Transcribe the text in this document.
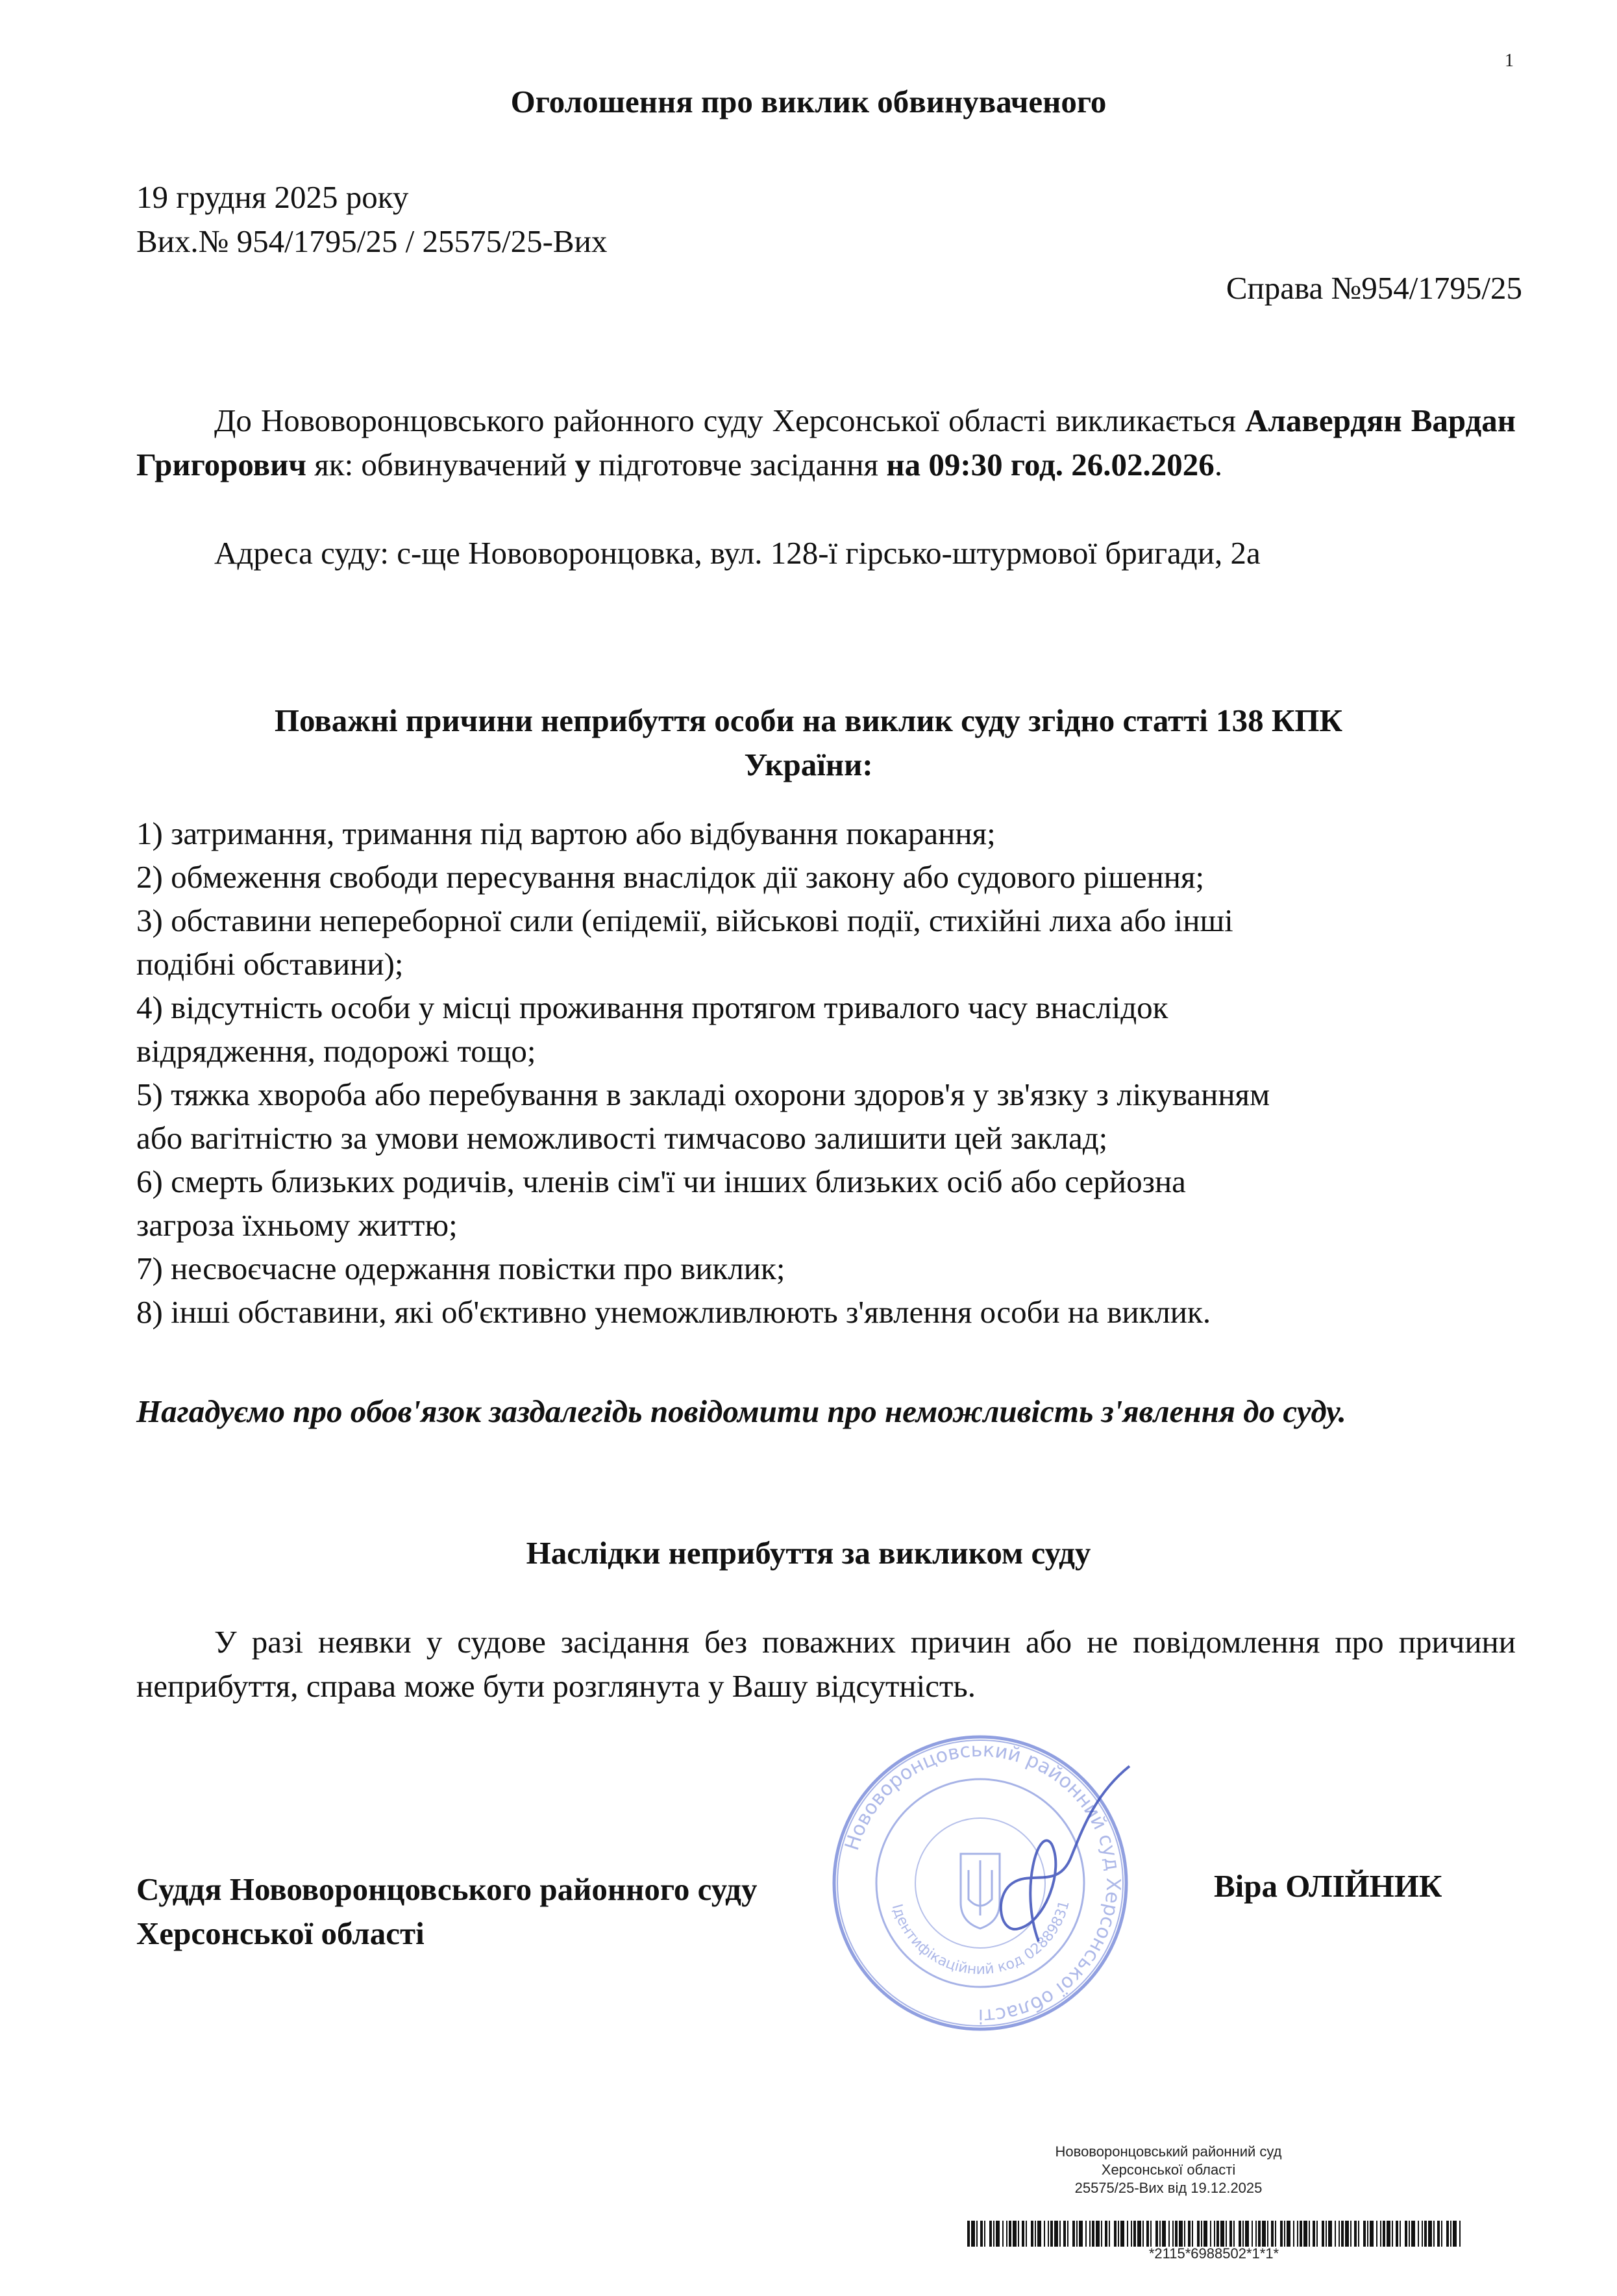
1
Оголошення про виклик обвинуваченого
19 грудня 2025 року
Вих.№ 954/1795/25 / 25575/25-Вих
Справа №954/1795/25
До Нововоронцовського районного суду Херсонської області викликається Алавердян Вардан Григорович як: обвинувачений у підготовче засідання на 09:30 год. 26.02.2026.
Адреса суду: с-ще Нововоронцовка, вул. 128-ї гірсько-штурмової бригади, 2а
Поважні причини неприбуття особи на виклик суду згідно статті 138 КПК
України:
1) затримання, тримання під вартою або відбування покарання;
2) обмеження свободи пересування внаслідок дії закону або судового рішення;
3) обставини непереборної сили (епідемії, військові події, стихійні лиха або інші
подібні обставини);
4) відсутність особи у місці проживання протягом тривалого часу внаслідок
відрядження, подорожі тощо;
5) тяжка хвороба або перебування в закладі охорони здоров'я у зв'язку з лікуванням
або вагітністю за умови неможливості тимчасово залишити цей заклад;
6) смерть близьких родичів, членів сім'ї чи інших близьких осіб або серйозна
загроза їхньому життю;
7) несвоєчасне одержання повістки про виклик;
8) інші обставини, які об'єктивно унеможливлюють з'явлення особи на виклик.
Нагадуємо про обов'язок заздалегідь повідомити про неможливість з'явлення до суду.
Наслідки неприбуття за викликом суду
У разі неявки у судове засідання без поважних причин або не повідомлення про причини неприбуття, справа може бути розглянута у Вашу відсутність.
Суддя Нововоронцовського районного суду
Херсонської області
Віра ОЛІЙНИК
Нововоронцовський районний суд Херсонської області
Ідентифікаційний код 02889831
Нововоронцовський районний суд
Херсонської області
25575/25-Вих від 19.12.2025
*2115*6988502*1*1*
